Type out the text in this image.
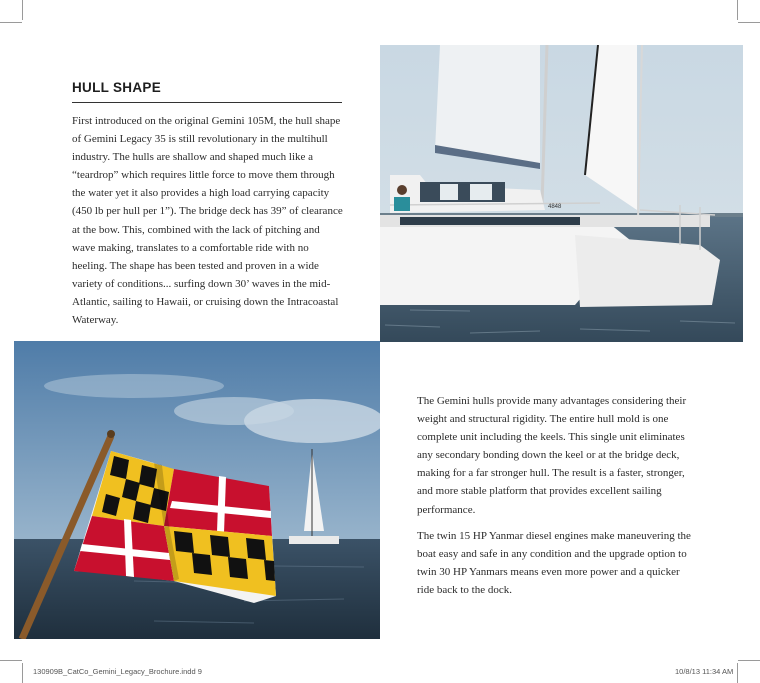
HULL SHAPE

First introduced on the original Gemini 105M, the hull shape of Gemini Legacy 35 is still revolutionary in the multihull industry. The hulls are shallow and shaped much like a “teardrop” which requires little force to move them through the water yet it also provides a high load carrying capacity (450 lb per hull per 1”). The bridge deck has 39” of clearance at the bow. This, combined with the lack of pitching and wave making, translates to a comfortable ride with no heeling. The shape has been tested and proven in a wide variety of conditions... surfing down 30’ waves in the mid-Atlantic, sailing to Hawaii, or cruising down the Intracoastal Waterway.

4848

The Gemini hulls provide many advantages considering their weight and structural rigidity. The entire hull mold is one complete unit including the keels. This single unit eliminates any secondary bonding down the keel or at the bridge deck, making for a far stronger hull. The result is a faster, stronger, and more stable platform that provides excellent sailing performance.

The twin 15 HP Yanmar diesel engines make maneuvering the boat easy and safe in any condition and the upgrade option to twin 30 HP Yanmars means even more power and a quicker ride back to the dock.

130909B_CatCo_Gemini_Legacy_Brochure.indd 9	10/8/13 11:34 AM
